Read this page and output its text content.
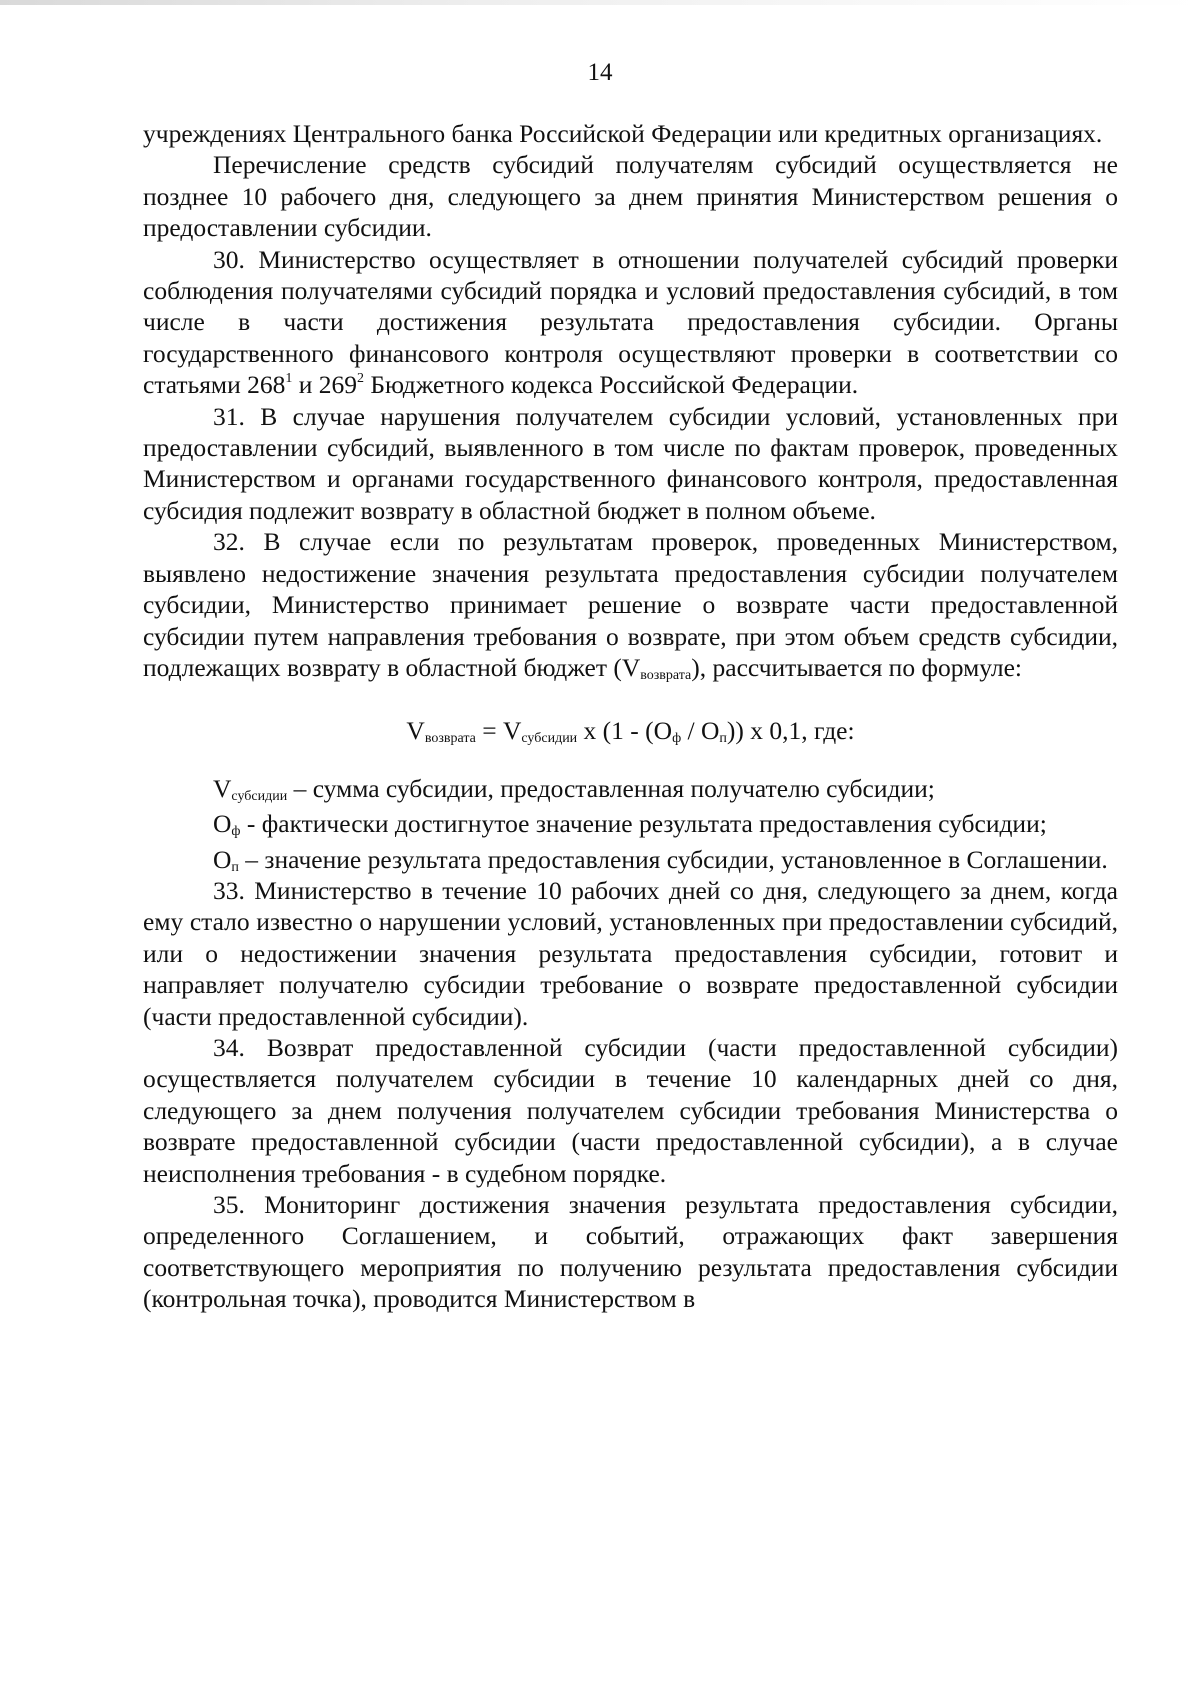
14

учреждениях Центрального банка Российской Федерации или кредитных организациях.

Перечисление средств субсидий получателям субсидий осуществляется не позднее 10 рабочего дня, следующего за днем принятия Министерством решения о предоставлении субсидии.

30. Министерство осуществляет в отношении получателей субсидий проверки соблюдения получателями субсидий порядка и условий предоставления субсидий, в том числе в части достижения результата предоставления субсидии. Органы государственного финансового контроля осуществляют проверки в соответствии со статьями $268^1$ и $269^2$ Бюджетного кодекса Российской Федерации.

31. В случае нарушения получателем субсидии условий, установленных при предоставлении субсидий, выявленного в том числе по фактам проверок, проведенных Министерством и органами государственного финансового контроля, предоставленная субсидия подлежит возврату в областной бюджет в полном объеме.

32. В случае если по результатам проверок, проведенных Министерством, выявлено недостижение значения результата предоставления субсидии получателем субсидии, Министерство принимает решение о возврате части предоставленной субсидии путем направления требования о возврате, при этом объем средств субсидии, подлежащих возврату в областной бюджет $(V_{возврата})$, рассчитывается по формуле:

$V_{возврата} = V_{субсидии}$ х $(1 - (О_ф / О_п))$ х 0,1, где:

$V_{субсидии}$ – сумма субсидии, предоставленная получателю субсидии;

$О_ф$ - фактически достигнутое значение результата предоставления субсидии;

$О_п$ – значение результата предоставления субсидии, установленное в Соглашении.

33. Министерство в течение 10 рабочих дней со дня, следующего за днем, когда ему стало известно о нарушении условий, установленных при предоставлении субсидий, или о недостижении значения результата предоставления субсидии, готовит и направляет получателю субсидии требование о возврате предоставленной субсидии (части предоставленной субсидии).

34. Возврат предоставленной субсидии (части предоставленной субсидии) осуществляется получателем субсидии в течение 10 календарных дней со дня, следующего за днем получения получателем субсидии требования Министерства о возврате предоставленной субсидии (части предоставленной субсидии), а в случае неисполнения требования - в судебном порядке.

35. Мониторинг достижения значения результата предоставления субсидии, определенного Соглашением, и событий, отражающих факт завершения соответствующего мероприятия по получению результата предоставления субсидии (контрольная точка), проводится Министерством в
